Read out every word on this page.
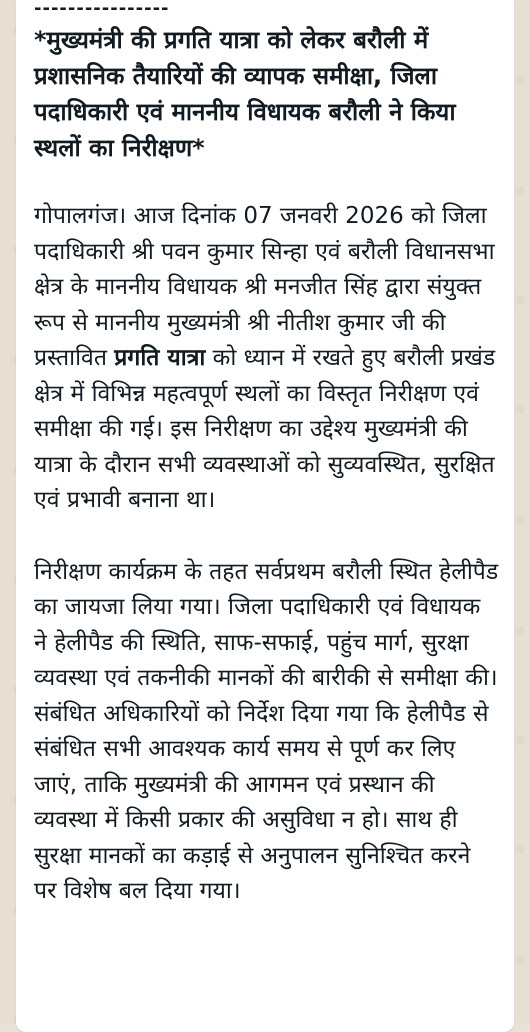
----------------

*मुख्यमंत्री की प्रगति यात्रा को लेकर बरौली में प्रशासनिक तैयारियों की व्यापक समीक्षा, जिला पदाधिकारी एवं माननीय विधायक बरौली ने किया स्थलों का निरीक्षण*

गोपालगंज। आज दिनांक 07 जनवरी 2026 को जिला पदाधिकारी श्री पवन कुमार सिन्हा एवं बरौली विधानसभा क्षेत्र के माननीय विधायक श्री मनजीत सिंह द्वारा संयुक्त रूप से माननीय मुख्यमंत्री श्री नीतीश कुमार जी की प्रस्तावित प्रगति यात्रा को ध्यान में रखते हुए बरौली प्रखंड क्षेत्र में विभिन्न महत्वपूर्ण स्थलों का विस्तृत निरीक्षण एवं समीक्षा की गई। इस निरीक्षण का उद्देश्य मुख्यमंत्री की यात्रा के दौरान सभी व्यवस्थाओं को सुव्यवस्थित, सुरक्षित एवं प्रभावी बनाना था।

निरीक्षण कार्यक्रम के तहत सर्वप्रथम बरौली स्थित हेलीपैड का जायजा लिया गया। जिला पदाधिकारी एवं विधायक ने हेलीपैड की स्थिति, साफ-सफाई, पहुंच मार्ग, सुरक्षा व्यवस्था एवं तकनीकी मानकों की बारीकी से समीक्षा की। संबंधित अधिकारियों को निर्देश दिया गया कि हेलीपैड से संबंधित सभी आवश्यक कार्य समय से पूर्ण कर लिए जाएं, ताकि मुख्यमंत्री की आगमन एवं प्रस्थान की व्यवस्था में किसी प्रकार की असुविधा न हो। साथ ही सुरक्षा मानकों का कड़ाई से अनुपालन सुनिश्चित करने पर विशेष बल दिया गया।
